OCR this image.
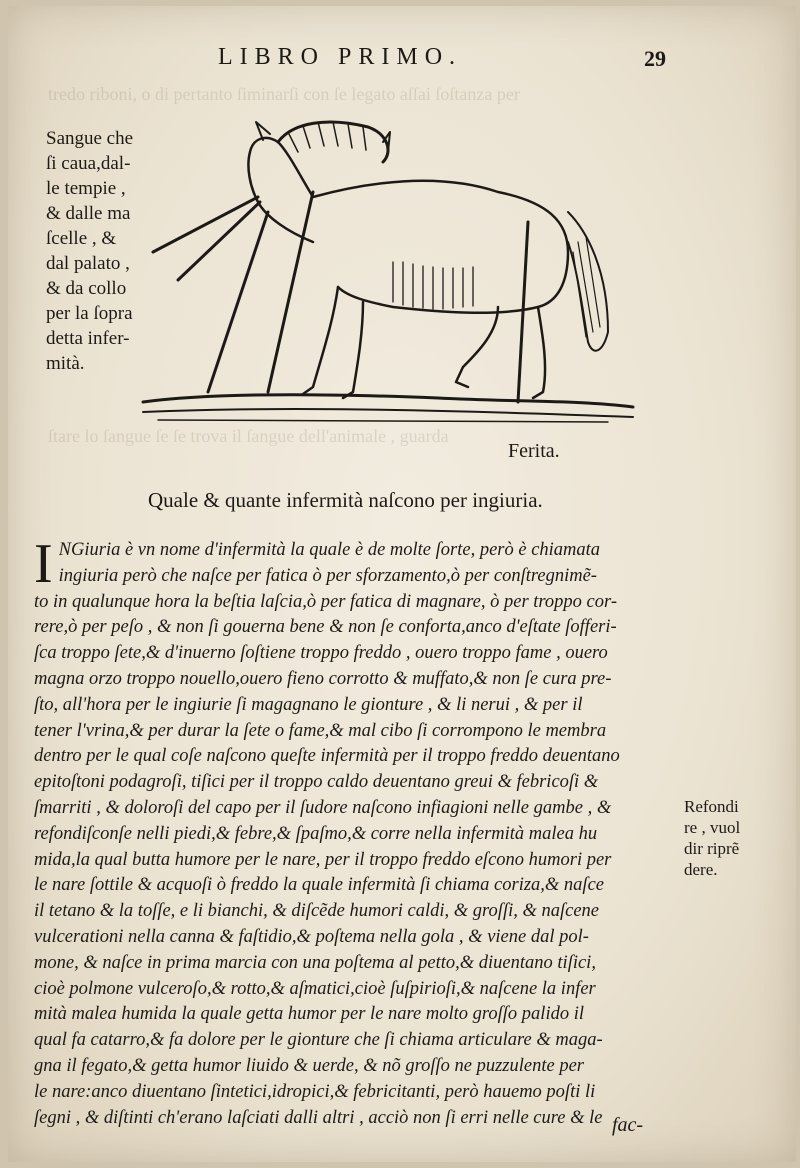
tredo riboni, o di pertanto ſiminarſi con ſe legato aſſai ſoſtanza per
ſtare lo ſangue ſe ſe trova il ſangue dell'animale , guarda
LIBRO PRIMO.	29
Sangue che
ſi caua,dal-
le tempie ,
& dalle ma
ſcelle , &
dal palato ,
& da collo
per la ſopra
detta infer-
mità.
Ferita.
Quale & quante infermità naſcono per ingiuria.
I NGiuria è vn nome d'infermità la quale è de molte ſorte, però è chiamata
ingiuria però che naſce per fatica ò per sforzamento,ò per conſtregnimẽ-
to in qualunque hora la beſtia laſcia,ò per fatica di magnare, ò per troppo cor-
rere,ò per peſo , & non ſi gouerna bene & non ſe conforta,anco d'eſtate ſofferi-
ſca troppo ſete,& d'inuerno ſoſtiene troppo freddo , ouero troppo fame , ouero
magna orzo troppo nouello,ouero fieno corrotto & muffato,& non ſe cura pre-
ſto, all'hora per le ingiurie ſi magagnano le gionture , & li nerui , & per il
tener l'vrina,& per durar la ſete o fame,& mal cibo ſi corrompono le membra
dentro per le qual coſe naſcono queſte infermità per il troppo freddo deuentano
epitoſtoni podagroſi, tiſici per il troppo caldo deuentano greui & febricoſi &
ſmarriti , & doloroſi del capo per il ſudore naſcono infiagioni nelle gambe , &
refondiſconſe nelli piedi,& febre,& ſpaſmo,& corre nella infermità malea hu
mida,la qual butta humore per le nare, per il troppo freddo eſcono humori per
le nare ſottile & acquoſi ò freddo la quale infermità ſi chiama coriza,& naſce
il tetano & la toſſe, e li bianchi, & diſcẽde humori caldi, & groſſi, & naſcene
vulcerationi nella canna & faſtidio,& poſtema nella gola , & viene dal pol-
mone, & naſce in prima marcia con una poſtema al petto,& diuentano tiſici,
cioè polmone vulceroſo,& rotto,& aſmatici,cioè ſuſpirioſi,& naſcene la infer
mità malea humida la quale getta humor per le nare molto groſſo palido il
qual fa catarro,& fa dolore per le gionture che ſi chiama articulare & maga-
gna il fegato,& getta humor liuido & uerde, & nõ groſſo ne puzzulente per
le nare:anco diuentano ſintetici,idropici,& febricitanti, però hauemo poſti li
ſegni , & diſtinti ch'erano laſciati dalli altri , acciò non ſi erri nelle cure & le
Refondi
re , vuol
dir riprẽ
dere.
fac-
